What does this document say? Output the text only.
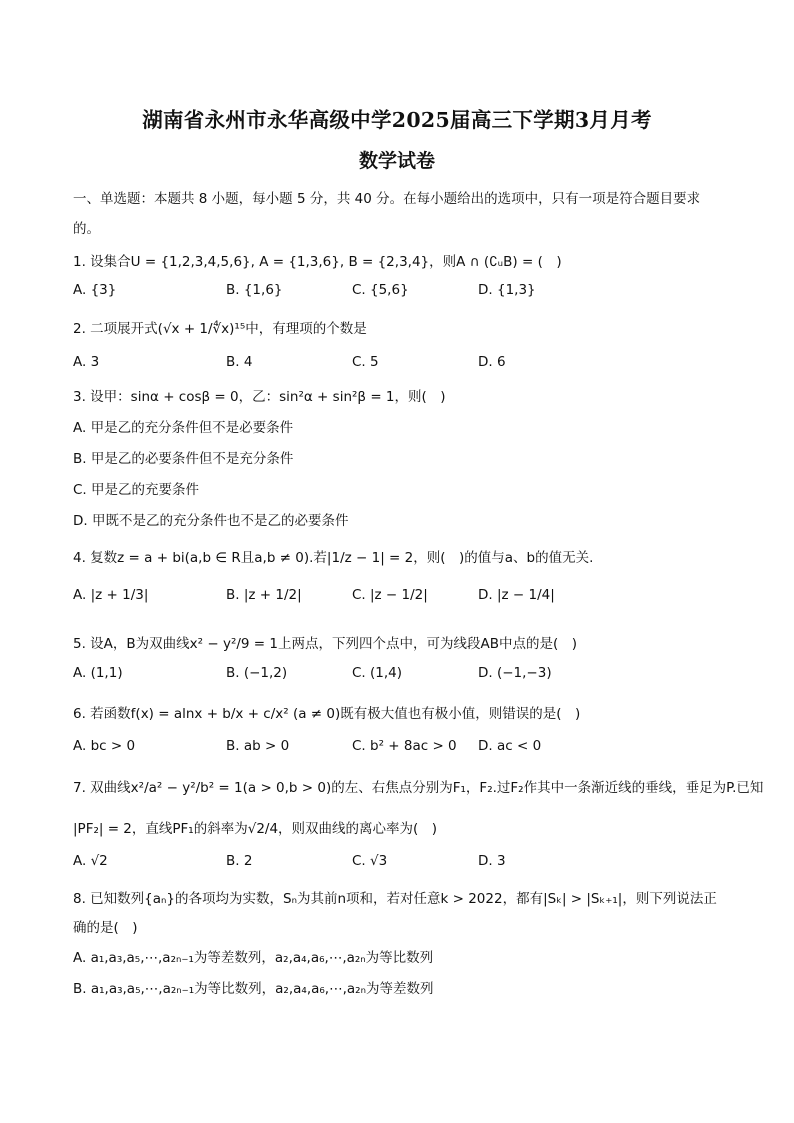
湖南省永州市永华高级中学2025届高三下学期3月月考
数学试卷
一、单选题：本题共 8 小题，每小题 5 分，共 40 分。在每小题给出的选项中，只有一项是符合题目要求
的。
1. 设集合U = {1,2,3,4,5,6}, A = {1,3,6}, B = {2,3,4}，则A ∩ (∁ᵤB) = (　)
A. {3}	B. {1,6}	C. {5,6}	D. {1,3}
2. 二项展开式(√x + 1/∜x)¹⁵中，有理项的个数是
A. 3	B. 4	C. 5	D. 6
3. 设甲：sinα + cosβ = 0，乙：sin²α + sin²β = 1，则(　)
A. 甲是乙的充分条件但不是必要条件
B. 甲是乙的必要条件但不是充分条件
C. 甲是乙的充要条件
D. 甲既不是乙的充分条件也不是乙的必要条件
4. 复数z = a + bi(a,b ∈ R且a,b ≠ 0).若|1/z − 1| = 2，则(　)的值与a、b的值无关.
A. |z + 1/3|	B. |z + 1/2|	C. |z − 1/2|	D. |z − 1/4|
5. 设A，B为双曲线x² − y²/9 = 1上两点，下列四个点中，可为线段AB中点的是(　)
A. (1,1)	B. (−1,2)	C. (1,4)	D. (−1,−3)
6. 若函数f(x) = alnx + b/x + c/x² (a ≠ 0)既有极大值也有极小值，则错误的是(　)
A. bc > 0	B. ab > 0	C. b² + 8ac > 0 D. ac < 0
7. 双曲线x²/a² − y²/b² = 1(a > 0,b > 0)的左、右焦点分别为F₁，F₂.过F₂作其中一条渐近线的垂线，垂足为P.已知
|PF₂| = 2，直线PF₁的斜率为√2/4，则双曲线的离心率为(　)
A. √2	B. 2	C. √3	D. 3
8. 已知数列{aₙ}的各项均为实数，Sₙ为其前n项和，若对任意k > 2022，都有|Sₖ| > |Sₖ₊₁|，则下列说法正
确的是(　)
A. a₁,a₃,a₅,⋯,a₂ₙ₋₁为等差数列，a₂,a₄,a₆,⋯,a₂ₙ为等比数列
B. a₁,a₃,a₅,⋯,a₂ₙ₋₁为等比数列，a₂,a₄,a₆,⋯,a₂ₙ为等差数列
